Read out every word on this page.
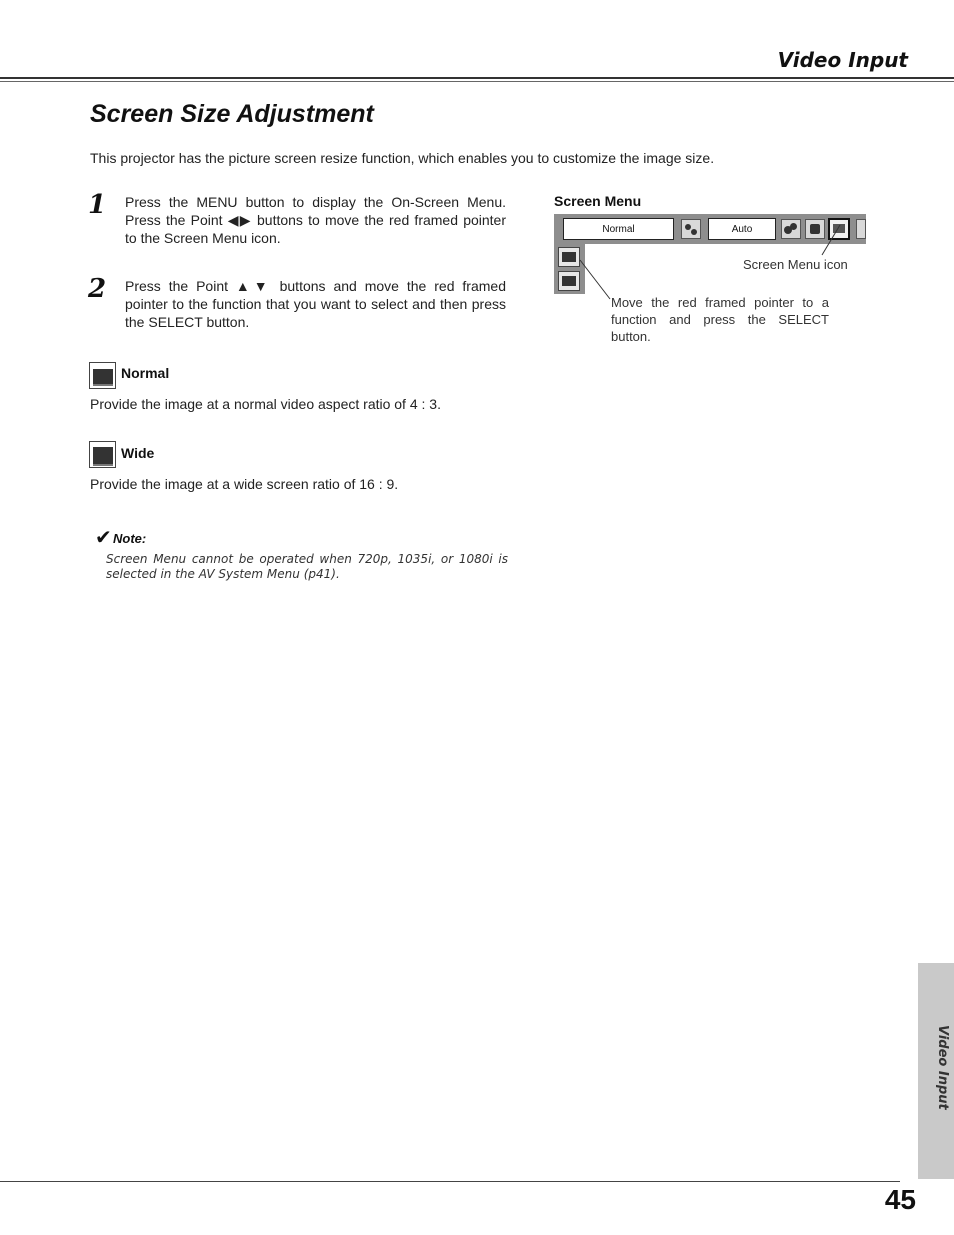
Video Input
Screen Size Adjustment
This projector has the picture screen resize function, which enables you to customize the image size.
1 Press the MENU button to display the On-Screen Menu. Press the Point ◀▶ buttons to move the red framed pointer to the Screen Menu icon.
2 Press the Point ▲▼ buttons and move the red framed pointer to the function that you want to select and then press the SELECT button.
Normal
Provide the image at a normal video aspect ratio of 4 : 3.
Wide
Provide the image at a wide screen ratio of 16 : 9.
✔ Note:
Screen Menu cannot be operated when 720p, 1035i, or 1080i is selected in the AV System Menu (p41).
Screen Menu
Normal	Auto
Screen Menu icon
Move the red framed pointer to a function and press the SELECT button.
Video Input
45
